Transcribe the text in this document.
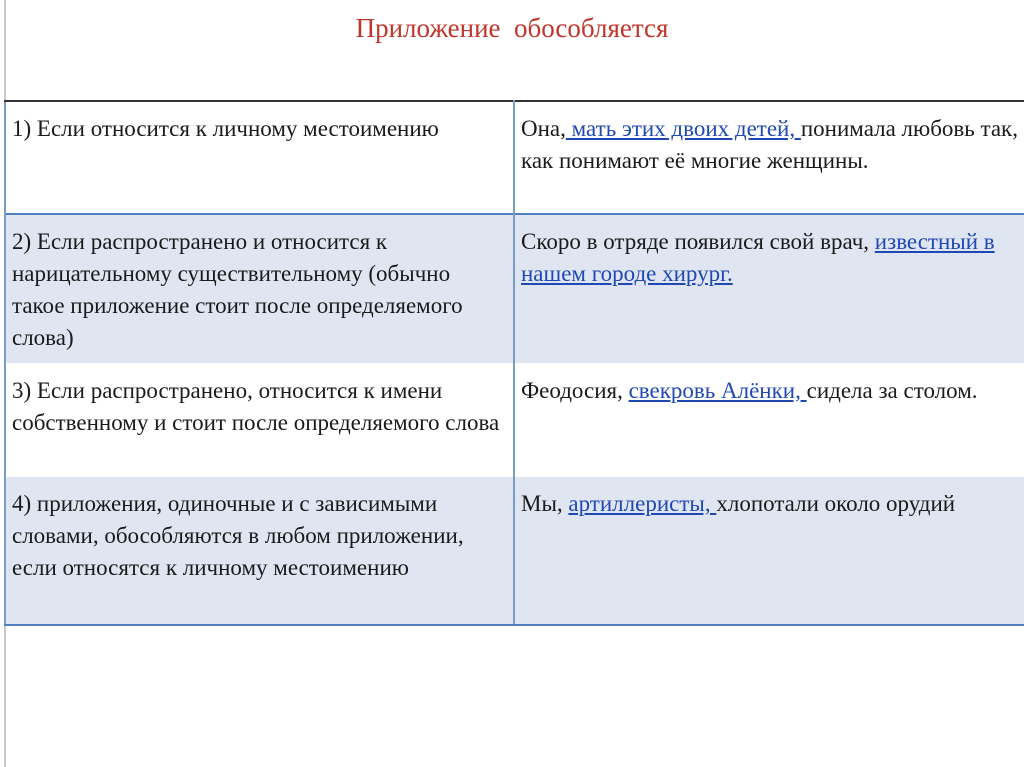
Приложение  обособляется
1) Если относится к личному местоимению	Она, мать этих двоих детей, понимала любовь так, как понимают её многие женщины.
2) Если распространено и относится к нарицательному существительному (обычно такое приложение стоит после определяемого слова)	Скоро в отряде появился свой врач, известный в нашем городе хирург.
3) Если распространено, относится к имени собственному и стоит после определяемого слова	Феодосия, свекровь Алёнки, сидела за столом.
4) приложения, одиночные и с зависимыми словами, обособляются в любом приложении, если относятся к личному местоимению	Мы, артиллеристы, хлопотали около орудий
